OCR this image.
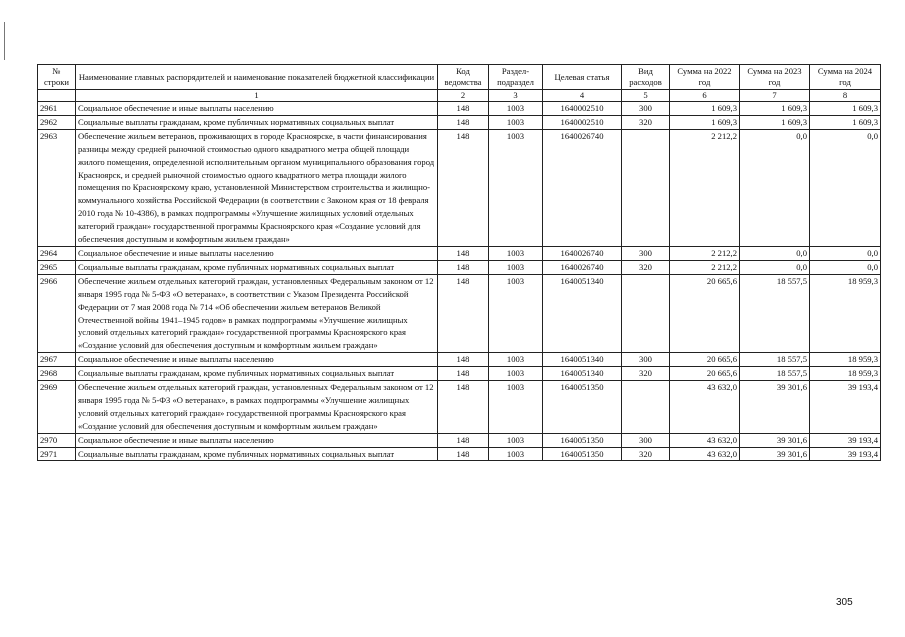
№ строки	Наименование главных распорядителей и наименование показателей бюджетной классификации	Код ведомства	Раздел-подраздел	Целевая статья	Вид расходов	Сумма на 2022 год	Сумма на 2023 год	Сумма на 2024 год
	1	2	3	4	5	6	7	8
2961	Социальное обеспечение и иные выплаты населению	148	1003	1640002510	300	1 609,3	1 609,3	1 609,3
2962	Социальные выплаты гражданам, кроме публичных нормативных социальных выплат	148	1003	1640002510	320	1 609,3	1 609,3	1 609,3
2963	Обеспечение жильем ветеранов, проживающих в городе Красноярске, в части финансирования разницы между средней рыночной стоимостью одного квадратного метра общей площади жилого помещения, определенной исполнительным органом муниципального образования город Красноярск, и средней рыночной стоимостью одного квадратного метра площади жилого помещения по Красноярскому краю, установленной Министерством строительства и жилищно-коммунального хозяйства Российской Федерации (в соответствии с Законом края от 18 февраля 2010 года № 10-4386), в рамках подпрограммы «Улучшение жилищных условий отдельных категорий граждан» государственной программы Красноярского края «Создание условий для обеспечения доступным и комфортным жильем граждан»	148	1003	1640026740		2 212,2	0,0	0,0
2964	Социальное обеспечение и иные выплаты населению	148	1003	1640026740	300	2 212,2	0,0	0,0
2965	Социальные выплаты гражданам, кроме публичных нормативных социальных выплат	148	1003	1640026740	320	2 212,2	0,0	0,0
2966	Обеспечение жильем отдельных категорий граждан, установленных Федеральным законом от 12 января 1995 года № 5-ФЗ «О ветеранах», в соответствии с Указом Президента Российской Федерации от 7 мая 2008 года № 714 «Об обеспечении жильем ветеранов Великой Отечественной войны 1941–1945 годов» в рамках подпрограммы «Улучшение жилищных условий отдельных категорий граждан» государственной программы Красноярского края «Создание условий для обеспечения доступным и комфортным жильем граждан»	148	1003	1640051340		20 665,6	18 557,5	18 959,3
2967	Социальное обеспечение и иные выплаты населению	148	1003	1640051340	300	20 665,6	18 557,5	18 959,3
2968	Социальные выплаты гражданам, кроме публичных нормативных социальных выплат	148	1003	1640051340	320	20 665,6	18 557,5	18 959,3
2969	Обеспечение жильем отдельных категорий граждан, установленных Федеральным законом от 12 января 1995 года № 5-ФЗ «О ветеранах», в рамках подпрограммы «Улучшение жилищных условий отдельных категорий граждан» государственной программы Красноярского края «Создание условий для обеспечения доступным и комфортным жильем граждан»	148	1003	1640051350		43 632,0	39 301,6	39 193,4
2970	Социальное обеспечение и иные выплаты населению	148	1003	1640051350	300	43 632,0	39 301,6	39 193,4
2971	Социальные выплаты гражданам, кроме публичных нормативных социальных выплат	148	1003	1640051350	320	43 632,0	39 301,6	39 193,4
305
